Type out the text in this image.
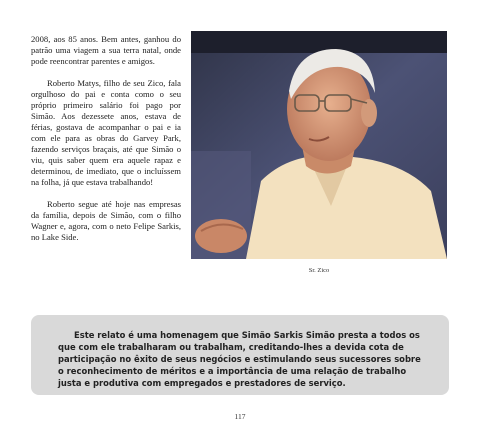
2008, aos 85 anos. Bem antes, ganhou do patrão uma viagem a sua terra natal, onde pode reencontrar parentes e amigos.

Roberto Matys, filho de seu Zico, fala orgulhoso do pai e conta como o seu próprio primeiro salário foi pago por Simão. Aos dezessete anos, estava de férias, gostava de acompanhar o pai e ia com ele para as obras do Garvey Park, fazendo serviços braçais, até que Simão o viu, quis saber quem era aquele rapaz e determinou, de imediato, que o incluíssem na folha, já que estava trabalhando!

Roberto segue até hoje nas empresas da família, depois de Simão, com o filho Wagner e, agora, com o neto Felipe Sarkis, no Lake Side.

Sr. Zico

Este relato é uma homenagem que Simão Sarkis Simão presta a todos os que com ele trabalharam ou trabalham, creditando-lhes a devida cota de participação no êxito de seus negócios e estimulando seus sucessores sobre o reconhecimento de méritos e a importância de uma relação de trabalho justa e produtiva com empregados e prestadores de serviço.

117
